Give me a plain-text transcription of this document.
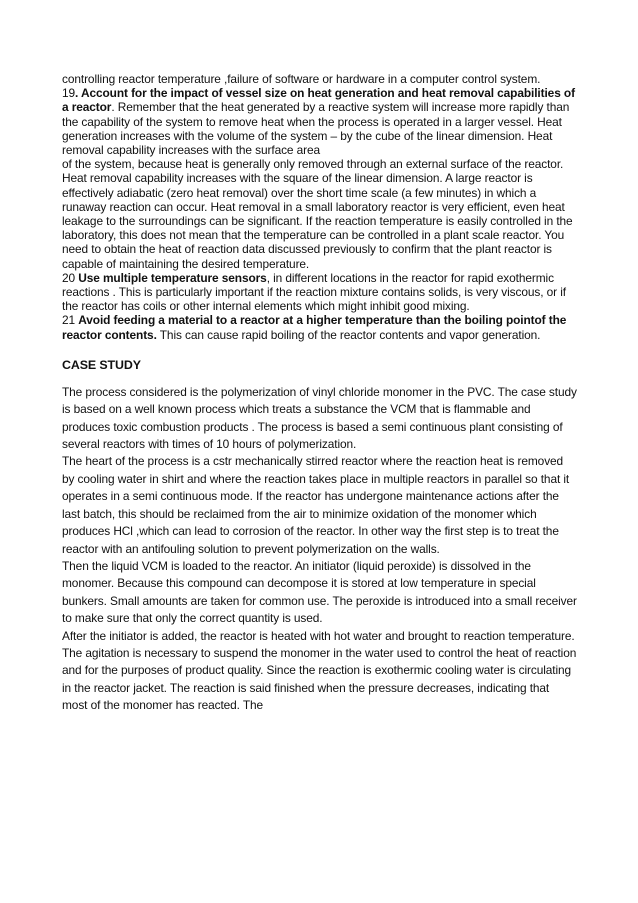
controlling reactor temperature ,failure of software or hardware in a computer control system.

19. Account for the impact of vessel size on heat generation and heat removal capabilities of a reactor. Remember that the heat generated by a reactive system will increase more rapidly than the capability of the system to remove heat when the process is operated in a larger vessel. Heat generation increases with the volume of the system – by the cube of the linear dimension. Heat removal capability increases with the surface area

of the system, because heat is generally only removed through an external surface of the reactor. Heat removal capability increases with the square of the linear dimension. A large reactor is effectively adiabatic (zero heat removal) over the short time scale (a few minutes) in which a runaway reaction can occur. Heat removal in a small laboratory reactor is very efficient, even heat leakage to the surroundings can be significant. If the reaction temperature is easily controlled in the laboratory, this does not mean that the temperature can be controlled in a plant scale reactor. You need to obtain the heat of reaction data discussed previously to confirm that the plant reactor is capable of maintaining the desired temperature.

20 Use multiple temperature sensors, in different locations in the reactor for rapid exothermic reactions . This is particularly important if the reaction mixture contains solids, is very viscous, or if the reactor has coils or other internal elements which might inhibit good mixing.

21 Avoid feeding a material to a reactor at a higher temperature than the boiling pointof the reactor contents. This can cause rapid boiling of the reactor contents and vapor generation.

CASE STUDY

The process considered is the polymerization of vinyl chloride monomer in the PVC. The case study is based on a well known process which treats a substance the VCM that is flammable and produces toxic combustion products . The process is based a semi continuous plant consisting of several reactors with times of 10 hours of polymerization.

The heart of the process is a cstr mechanically stirred reactor where the reaction heat is removed by cooling water in shirt and where the reaction takes place in multiple reactors in parallel so that it operates in a semi continuous mode. If the reactor has undergone maintenance actions after the last batch, this should be reclaimed from the air to minimize oxidation of the monomer which produces HCl ,which can lead to corrosion of the reactor. In other way the first step is to treat the reactor with an antifouling solution to prevent polymerization on the walls.

Then the liquid VCM is loaded to the reactor. An initiator (liquid peroxide) is dissolved in the monomer. Because this compound can decompose it is stored at low temperature in special bunkers. Small amounts are taken for common use. The peroxide is introduced into a small receiver to make sure that only the correct quantity is used.

After the initiator is added, the reactor is heated with hot water and brought to reaction temperature. The agitation is necessary to suspend the monomer in the water used to control the heat of reaction and for the purposes of product quality. Since the reaction is exothermic cooling water is circulating in the reactor jacket. The reaction is said finished when the pressure decreases, indicating that most of the monomer has reacted. The
